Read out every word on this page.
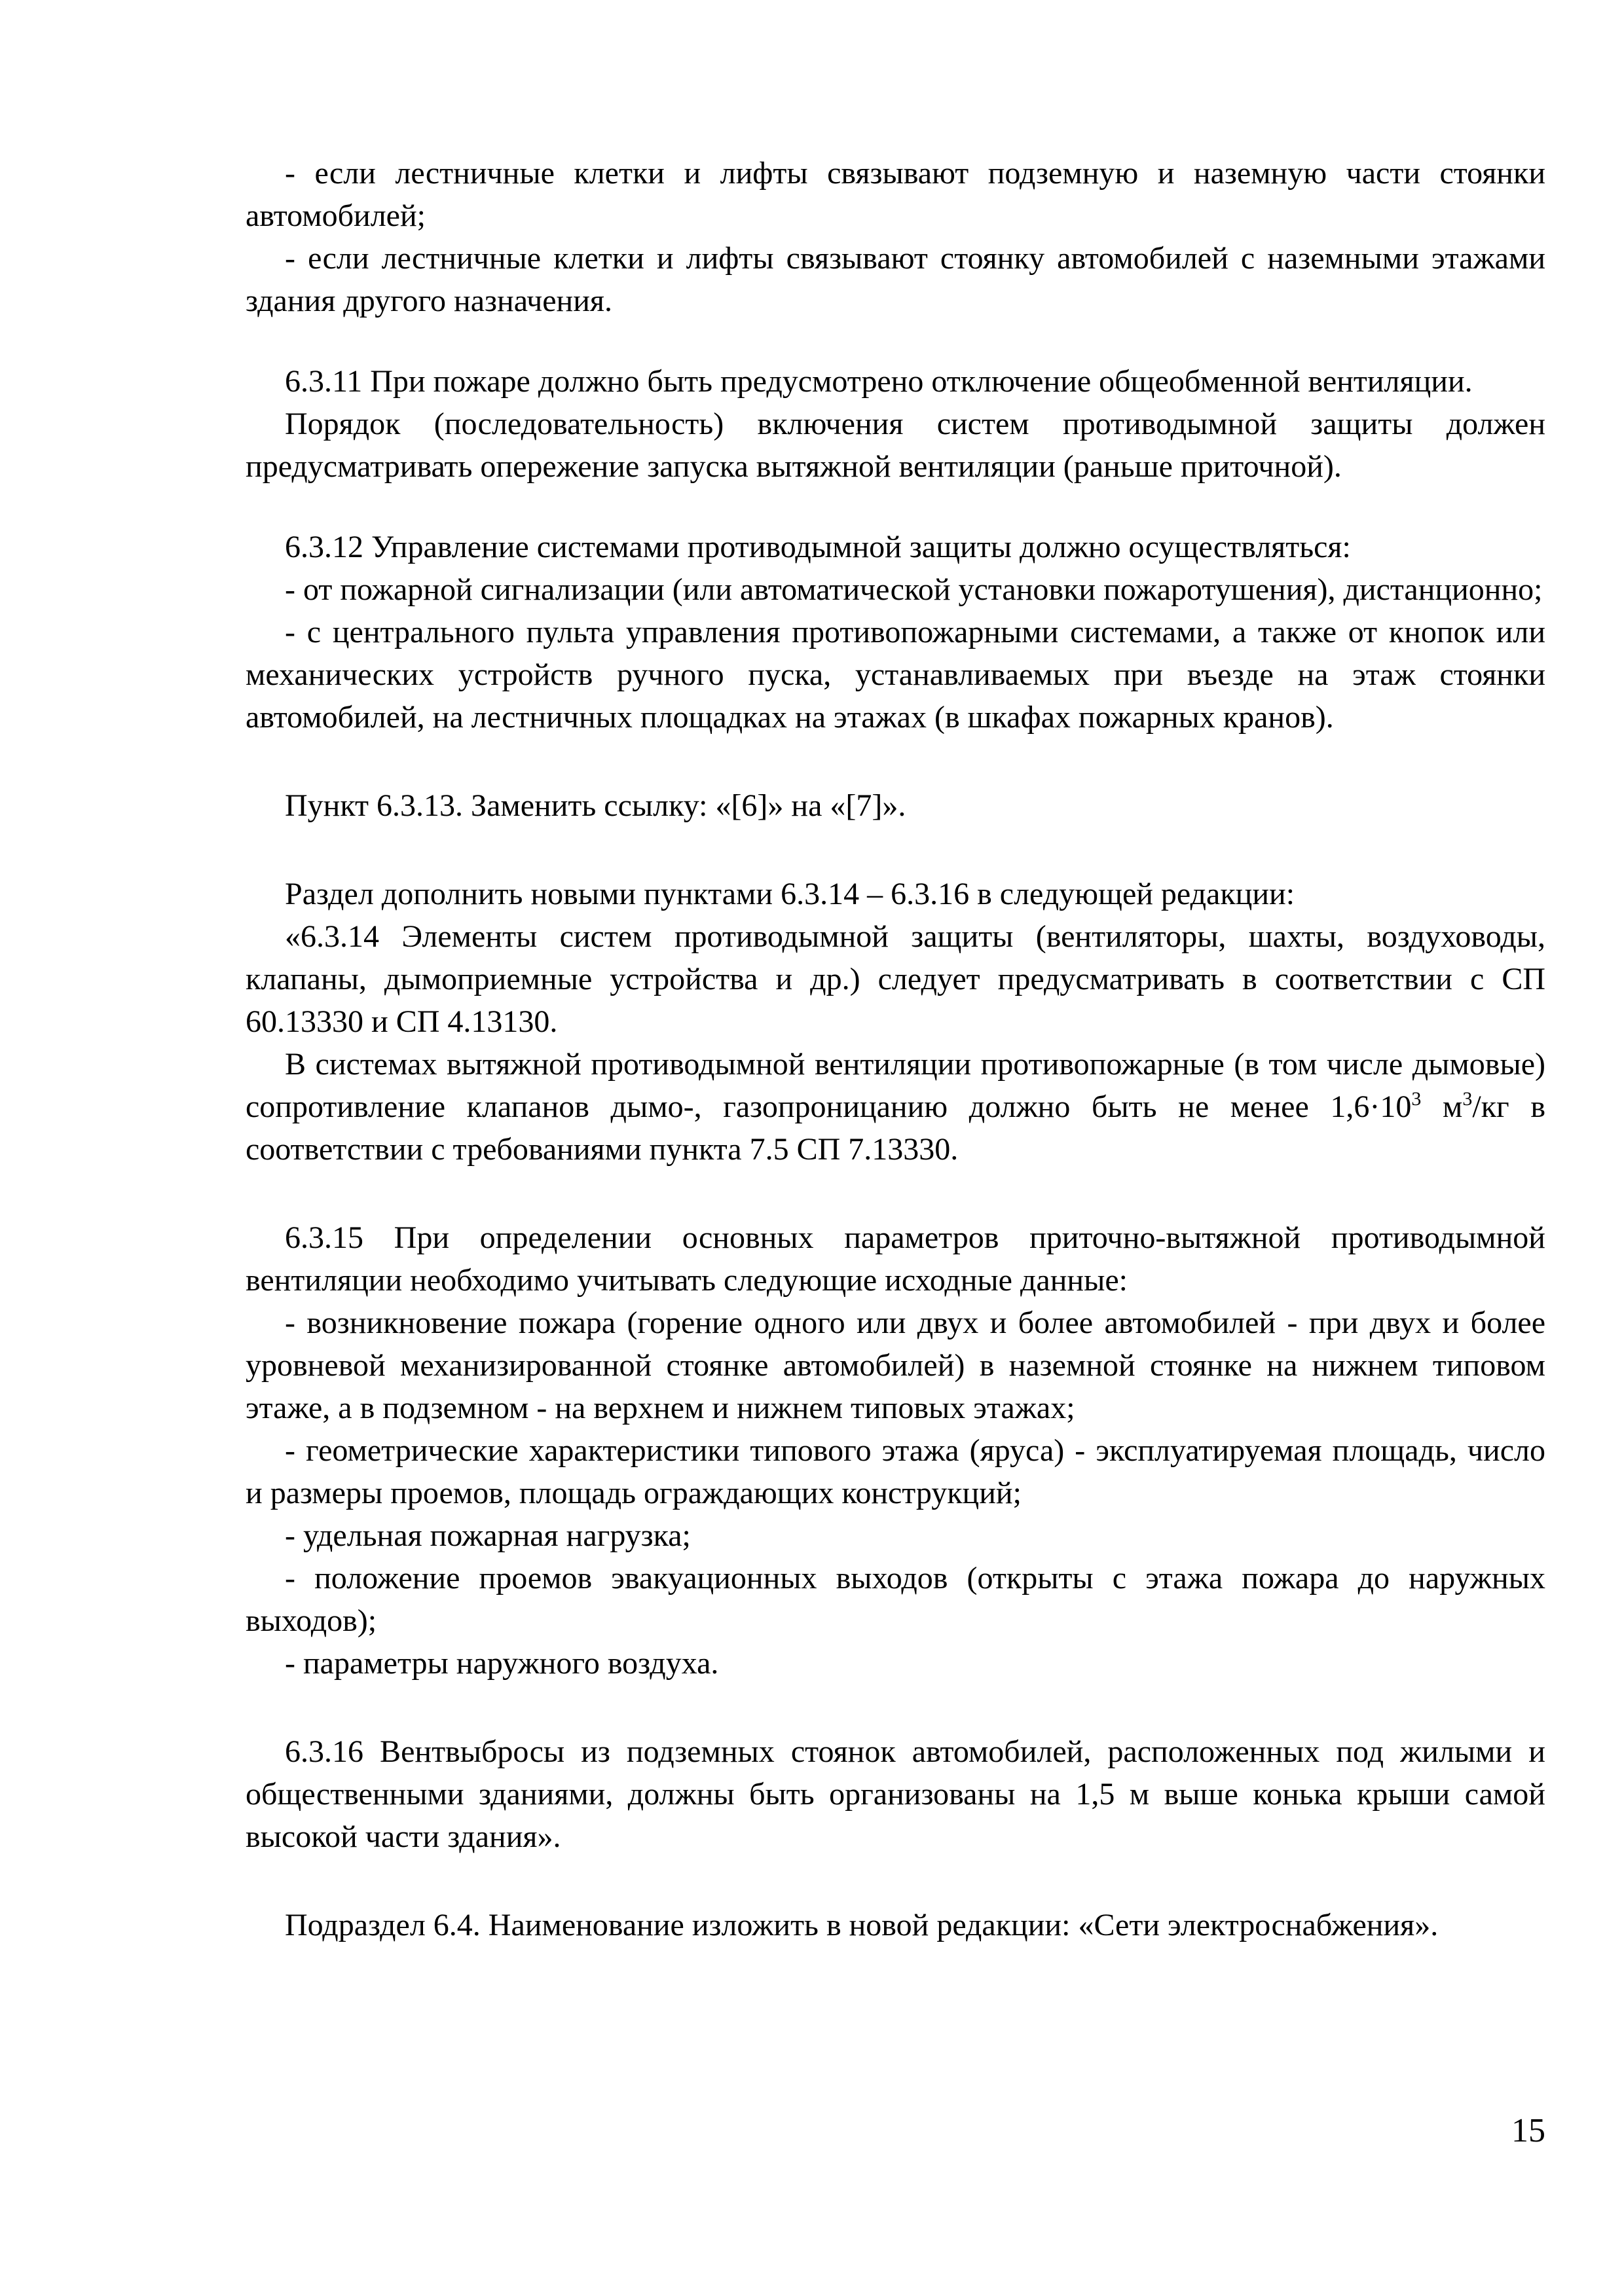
- если лестничные клетки и лифты связывают подземную и наземную части стоянки автомобилей;

- если лестничные клетки и лифты связывают стоянку автомобилей с наземными этажами здания другого назначения.

6.3.11 При пожаре должно быть предусмотрено отключение общеобменной вентиляции.

Порядок (последовательность) включения систем противодымной защиты должен предусматривать опережение запуска вытяжной вентиляции (раньше приточной).

6.3.12 Управление системами противодымной защиты должно осуществляться:

- от пожарной сигнализации (или автоматической установки пожаротушения), дистанционно;

- с центрального пульта управления противопожарными системами, а также от кнопок или механических устройств ручного пуска, устанавливаемых при въезде на этаж стоянки автомобилей, на лестничных площадках на этажах (в шкафах пожарных кранов).

Пункт 6.3.13. Заменить ссылку: «[6]» на «[7]».

Раздел дополнить новыми пунктами 6.3.14 – 6.3.16 в следующей редакции:

«6.3.14 Элементы систем противодымной защиты (вентиляторы, шахты, воздуховоды, клапаны, дымоприемные устройства и др.) следует предусматривать в соответствии с СП 60.13330 и СП 4.13130.

В системах вытяжной противодымной вентиляции противопожарные (в том числе дымовые) сопротивление клапанов дымо-, газопроницанию должно быть не менее $1,6\cdot 10^3$ $м^3/кг$ в соответствии с требованиями пункта 7.5 СП 7.13330.

6.3.15 При определении основных параметров приточно-вытяжной противодымной вентиляции необходимо учитывать следующие исходные данные:

- возникновение пожара (горение одного или двух и более автомобилей - при двух и более уровневой механизированной стоянке автомобилей) в наземной стоянке на нижнем типовом этаже, а в подземном - на верхнем и нижнем типовых этажах;

- геометрические характеристики типового этажа (яруса) - эксплуатируемая площадь, число и размеры проемов, площадь ограждающих конструкций;

- удельная пожарная нагрузка;

- положение проемов эвакуационных выходов (открыты с этажа пожара до наружных выходов);

- параметры наружного воздуха.

6.3.16 Вентвыбросы из подземных стоянок автомобилей, расположенных под жилыми и общественными зданиями, должны быть организованы на 1,5 м выше конька крыши самой высокой части здания».

Подраздел 6.4. Наименование изложить в новой редакции: «Сети электроснабжения».

15
